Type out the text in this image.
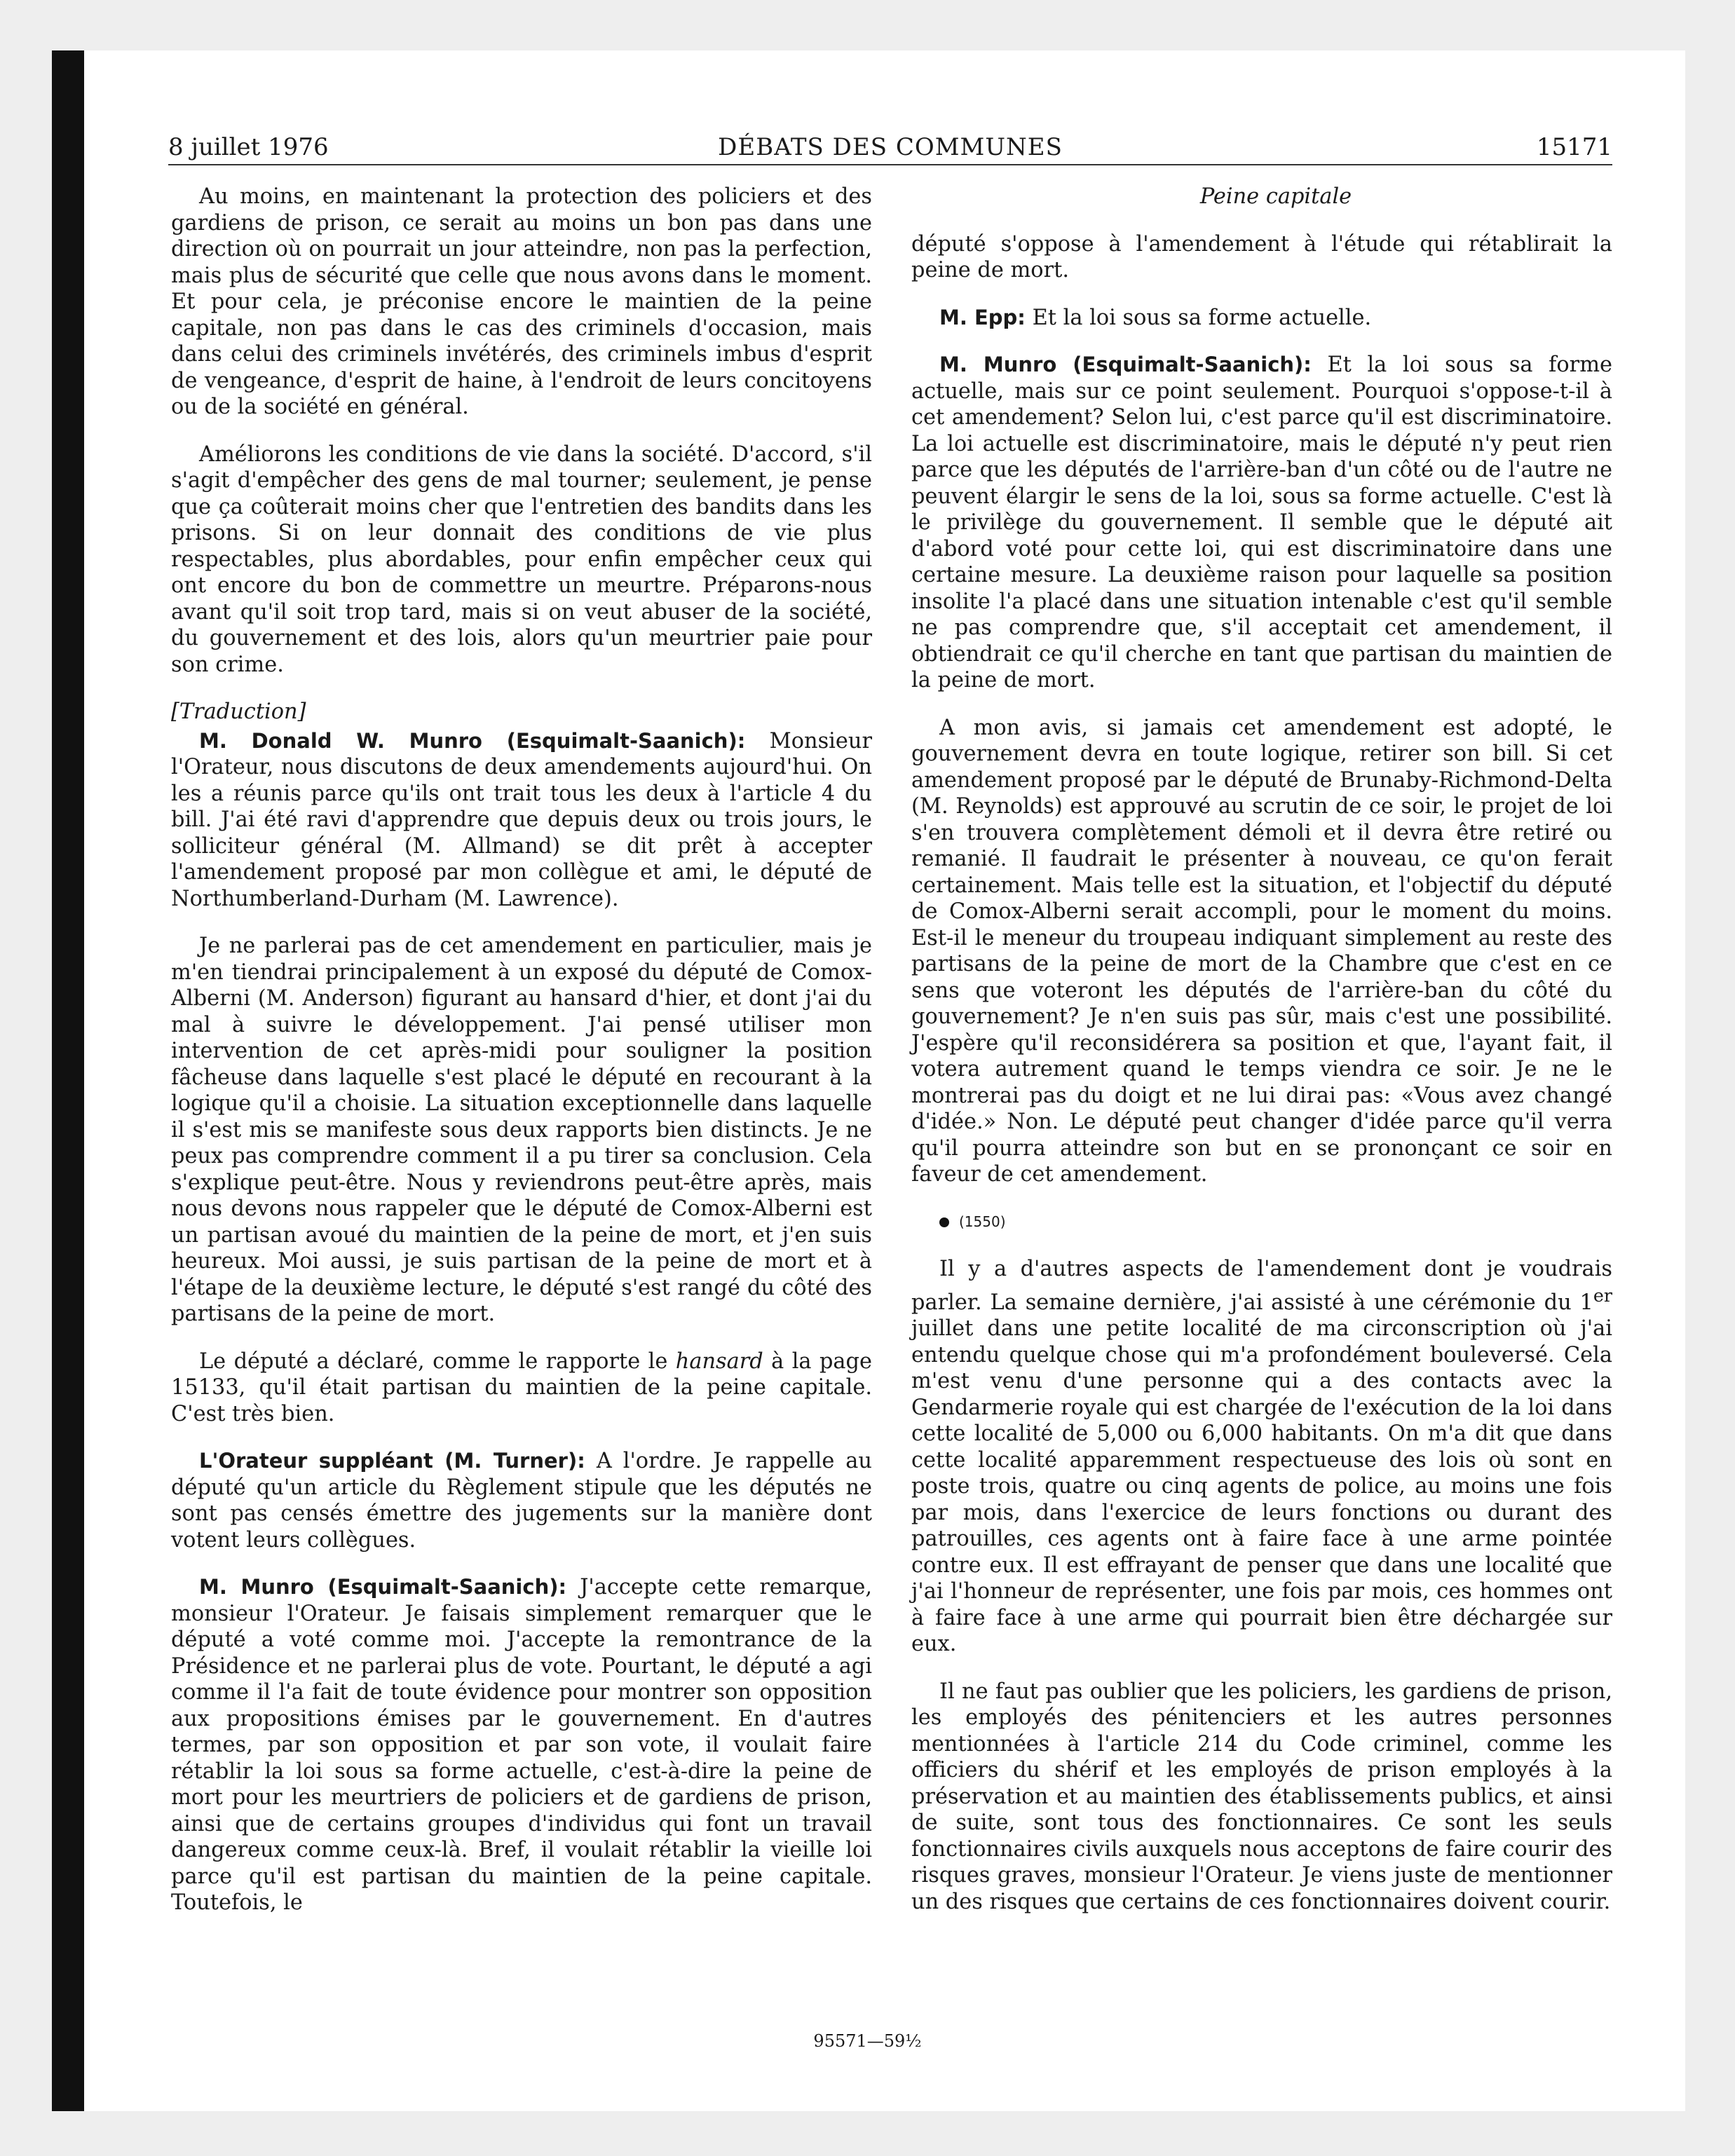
8 juillet 1976	DÉBATS DES COMMUNES	15171

Au moins, en maintenant la protection des policiers et des gardiens de prison, ce serait au moins un bon pas dans une direction où on pourrait un jour atteindre, non pas la perfection, mais plus de sécurité que celle que nous avons dans le moment. Et pour cela, je préconise encore le maintien de la peine capitale, non pas dans le cas des criminels d'occasion, mais dans celui des criminels invétérés, des criminels imbus d'esprit de vengeance, d'esprit de haine, à l'endroit de leurs concitoyens ou de la société en général.

Améliorons les conditions de vie dans la société. D'accord, s'il s'agit d'empêcher des gens de mal tourner; seulement, je pense que ça coûterait moins cher que l'entretien des bandits dans les prisons. Si on leur donnait des conditions de vie plus respectables, plus abordables, pour enfin empêcher ceux qui ont encore du bon de commettre un meurtre. Préparons-nous avant qu'il soit trop tard, mais si on veut abuser de la société, du gouvernement et des lois, alors qu'un meurtrier paie pour son crime.

[Traduction]

M. Donald W. Munro (Esquimalt-Saanich): Monsieur l'Orateur, nous discutons de deux amendements aujourd'hui. On les a réunis parce qu'ils ont trait tous les deux à l'article 4 du bill. J'ai été ravi d'apprendre que depuis deux ou trois jours, le solliciteur général (M. Allmand) se dit prêt à accepter l'amendement proposé par mon collègue et ami, le député de Northumberland-Durham (M. Lawrence).

Je ne parlerai pas de cet amendement en particulier, mais je m'en tiendrai principalement à un exposé du député de Comox-Alberni (M. Anderson) figurant au hansard d'hier, et dont j'ai du mal à suivre le développement. J'ai pensé utiliser mon intervention de cet après-midi pour souligner la position fâcheuse dans laquelle s'est placé le député en recourant à la logique qu'il a choisie. La situation exceptionnelle dans laquelle il s'est mis se manifeste sous deux rapports bien distincts. Je ne peux pas comprendre comment il a pu tirer sa conclusion. Cela s'explique peut-être. Nous y reviendrons peut-être après, mais nous devons nous rappeler que le député de Comox-Alberni est un partisan avoué du maintien de la peine de mort, et j'en suis heureux. Moi aussi, je suis partisan de la peine de mort et à l'étape de la deuxième lecture, le député s'est rangé du côté des partisans de la peine de mort.

Le député a déclaré, comme le rapporte le hansard à la page 15133, qu'il était partisan du maintien de la peine capitale. C'est très bien.

L'Orateur suppléant (M. Turner): A l'ordre. Je rappelle au député qu'un article du Règlement stipule que les députés ne sont pas censés émettre des jugements sur la manière dont votent leurs collègues.

M. Munro (Esquimalt-Saanich): J'accepte cette remarque, monsieur l'Orateur. Je faisais simplement remarquer que le député a voté comme moi. J'accepte la remontrance de la Présidence et ne parlerai plus de vote. Pourtant, le député a agi comme il l'a fait de toute évidence pour montrer son opposition aux propositions émises par le gouvernement. En d'autres termes, par son opposition et par son vote, il voulait faire rétablir la loi sous sa forme actuelle, c'est-à-dire la peine de mort pour les meurtriers de policiers et de gardiens de prison, ainsi que de certains groupes d'individus qui font un travail dangereux comme ceux-là. Bref, il voulait rétablir la vieille loi parce qu'il est partisan du maintien de la peine capitale. Toutefois, le

Peine capitale

député s'oppose à l'amendement à l'étude qui rétablirait la peine de mort.

M. Epp: Et la loi sous sa forme actuelle.

M. Munro (Esquimalt-Saanich): Et la loi sous sa forme actuelle, mais sur ce point seulement. Pourquoi s'oppose-t-il à cet amendement? Selon lui, c'est parce qu'il est discriminatoire. La loi actuelle est discriminatoire, mais le député n'y peut rien parce que les députés de l'arrière-ban d'un côté ou de l'autre ne peuvent élargir le sens de la loi, sous sa forme actuelle. C'est là le privilège du gouvernement. Il semble que le député ait d'abord voté pour cette loi, qui est discriminatoire dans une certaine mesure. La deuxième raison pour laquelle sa position insolite l'a placé dans une situation intenable c'est qu'il semble ne pas comprendre que, s'il acceptait cet amendement, il obtiendrait ce qu'il cherche en tant que partisan du maintien de la peine de mort.

A mon avis, si jamais cet amendement est adopté, le gouvernement devra en toute logique, retirer son bill. Si cet amendement proposé par le député de Brunaby-Richmond-Delta (M. Reynolds) est approuvé au scrutin de ce soir, le projet de loi s'en trouvera complètement démoli et il devra être retiré ou remanié. Il faudrait le présenter à nouveau, ce qu'on ferait certainement. Mais telle est la situation, et l'objectif du député de Comox-Alberni serait accompli, pour le moment du moins. Est-il le meneur du troupeau indiquant simplement au reste des partisans de la peine de mort de la Chambre que c'est en ce sens que voteront les députés de l'arrière-ban du côté du gouvernement? Je n'en suis pas sûr, mais c'est une possibilité. J'espère qu'il reconsidérera sa position et que, l'ayant fait, il votera autrement quand le temps viendra ce soir. Je ne le montrerai pas du doigt et ne lui dirai pas: «Vous avez changé d'idée.» Non. Le député peut changer d'idée parce qu'il verra qu'il pourra atteindre son but en se prononçant ce soir en faveur de cet amendement.

(1550)

Il y a d'autres aspects de l'amendement dont je voudrais parler. La semaine dernière, j'ai assisté à une cérémonie du 1er juillet dans une petite localité de ma circonscription où j'ai entendu quelque chose qui m'a profondément bouleversé. Cela m'est venu d'une personne qui a des contacts avec la Gendarmerie royale qui est chargée de l'exécution de la loi dans cette localité de 5,000 ou 6,000 habitants. On m'a dit que dans cette localité apparemment respectueuse des lois où sont en poste trois, quatre ou cinq agents de police, au moins une fois par mois, dans l'exercice de leurs fonctions ou durant des patrouilles, ces agents ont à faire face à une arme pointée contre eux. Il est effrayant de penser que dans une localité que j'ai l'honneur de représenter, une fois par mois, ces hommes ont à faire face à une arme qui pourrait bien être déchargée sur eux.

Il ne faut pas oublier que les policiers, les gardiens de prison, les employés des pénitenciers et les autres personnes mentionnées à l'article 214 du Code criminel, comme les officiers du shérif et les employés de prison employés à la préservation et au maintien des établissements publics, et ainsi de suite, sont tous des fonctionnaires. Ce sont les seuls fonctionnaires civils auxquels nous acceptons de faire courir des risques graves, monsieur l'Orateur. Je viens juste de mentionner un des risques que certains de ces fonctionnaires doivent courir.

95571—59½
